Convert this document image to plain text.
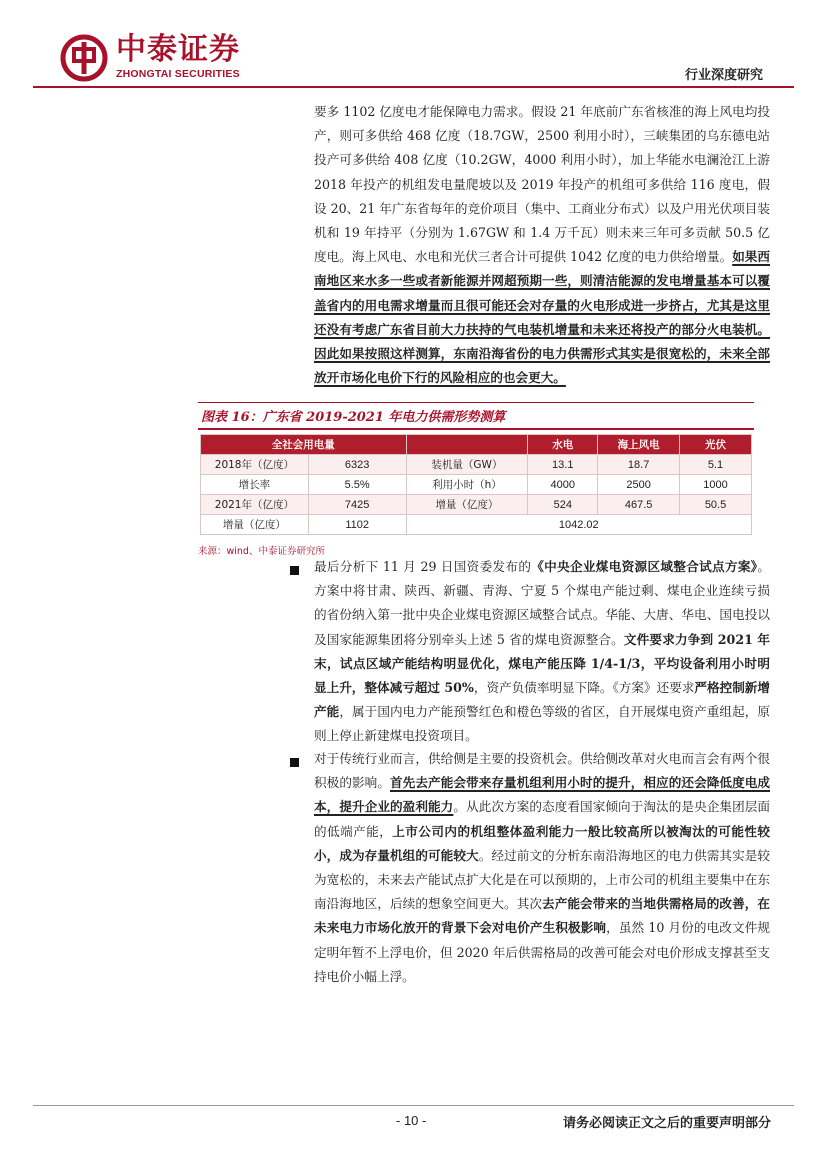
中泰证券
ZHONGTAI SECURITIES	行业深度研究
要多 1102 亿度电才能保障电力需求。假设 21 年底前广东省核准的海上风电均投产，则可多供给 468 亿度（18.7GW，2500 利用小时），三峡集团的乌东德电站投产可多供给 408 亿度（10.2GW，4000 利用小时），加上华能水电澜沧江上游 2018 年投产的机组发电量爬坡以及 2019 年投产的机组可多供给 116 度电，假设 20、21 年广东省每年的竞价项目（集中、工商业分布式）以及户用光伏项目装机和 19 年持平（分别为 1.67GW 和 1.4 万千瓦）则未来三年可多贡献 50.5 亿度电。海上风电、水电和光伏三者合计可提供 1042 亿度的电力供给增量。如果西南地区来水多一些或者新能源并网超预期一些，则清洁能源的发电增量基本可以覆盖省内的用电需求增量而且很可能还会对存量的火电形成进一步挤占，尤其是这里还没有考虑广东省目前大力扶持的气电装机增量和未来还将投产的部分火电装机。因此如果按照这样测算，东南沿海省份的电力供需形式其实是很宽松的，未来全部放开市场化电价下行的风险相应的也会更大。
图表 16：广东省 2019-2021 年电力供需形势测算
全社会用电量			水电	海上风电	光伏
2018年（亿度）	6323	装机量（GW）	13.1	18.7	5.1
增长率	5.5%	利用小时（h）	4000	2500	1000
2021年（亿度）	7425	增量（亿度）	524	467.5	50.5
增量（亿度）	1102	1042.02			
来源：wind、中泰证券研究所
最后分析下 11 月 29 日国资委发布的《中央企业煤电资源区域整合试点方案》。方案中将甘肃、陕西、新疆、青海、宁夏 5 个煤电产能过剩、煤电企业连续亏损的省份纳入第一批中央企业煤电资源区域整合试点。华能、大唐、华电、国电投以及国家能源集团将分别牵头上述 5 省的煤电资源整合。文件要求力争到 2021 年末，试点区域产能结构明显优化，煤电产能压降 1/4-1/3，平均设备利用小时明显上升，整体减亏超过 50%，资产负债率明显下降。《方案》还要求严格控制新增产能，属于国内电力产能预警红色和橙色等级的省区，自开展煤电资产重组起，原则上停止新建煤电投资项目。
对于传统行业而言，供给侧是主要的投资机会。供给侧改革对火电而言会有两个很积极的影响。首先去产能会带来存量机组利用小时的提升，相应的还会降低度电成本，提升企业的盈利能力。从此次方案的态度看国家倾向于淘汰的是央企集团层面的低端产能，上市公司内的机组整体盈利能力一般比较高所以被淘汰的可能性较小，成为存量机组的可能较大。经过前文的分析东南沿海地区的电力供需其实是较为宽松的，未来去产能试点扩大化是在可以预期的，上市公司的机组主要集中在东南沿海地区，后续的想象空间更大。其次去产能会带来的当地供需格局的改善，在未来电力市场化放开的背景下会对电价产生积极影响，虽然 10 月份的电改文件规定明年暂不上浮电价，但 2020 年后供需格局的改善可能会对电价形成支撑甚至支持电价小幅上浮。
- 10 -	请务必阅读正文之后的重要声明部分
